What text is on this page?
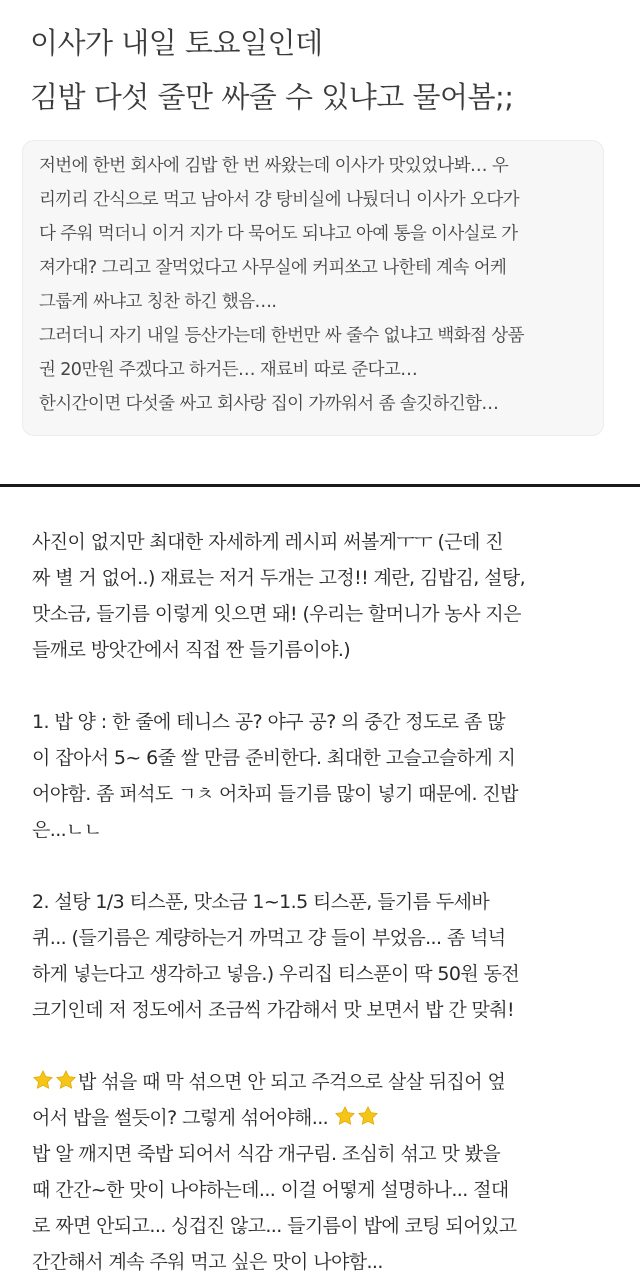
이사가 내일 토요일인데
김밥 다섯 줄만 싸줄 수 있냐고 물어봄;;
저번에 한번 회사에 김밥 한 번 싸왔는데 이사가 맛있었나봐… 우
리끼리 간식으로 먹고 남아서 걍 탕비실에 나뒀더니 이사가 오다가
다 주워 먹더니 이거 지가 다 묵어도 되냐고 아예 통을 이사실로 가
져가대? 그리고 잘먹었다고 사무실에 커피쏘고 나한테 계속 어케
그룹게 싸냐고 칭찬 하긴 했음….
그러더니 자기 내일 등산가는데 한번만 싸 줄수 없냐고 백화점 상품
권 20만원 주겠다고 하거든… 재료비 따로 준다고…
한시간이면 다섯줄 싸고 회사랑 집이 가까워서 좀 솔깃하긴함…
사진이 없지만 최대한 자세하게 레시피 써볼게ㅜㅜ (근데 진
짜 별 거 없어..) 재료는 저거 두개는 고정!! 계란, 김밥김, 설탕,
맛소금, 들기름 이렇게 잇으면 돼! (우리는 할머니가 농사 지은
들깨로 방앗간에서 직접 짠 들기름이야.)
1. 밥 양 : 한 줄에 테니스 공? 야구 공? 의 중간 정도로 좀 많
이 잡아서 5~ 6줄 쌀 만큼 준비한다. 최대한 고슬고슬하게 지
어야함. 좀 퍼석도 ㄱㅊ 어차피 들기름 많이 넣기 때문에. 진밥
은...ㄴㄴ
2. 설탕 1/3 티스푼, 맛소금 1~1.5 티스푼, 들기름 두세바
퀴... (들기름은 계량하는거 까먹고 걍 들이 부었음... 좀 넉넉
하게 넣는다고 생각하고 넣음.) 우리집 티스푼이 딱 50원 동전
크기인데 저 정도에서 조금씩 가감해서 맛 보면서 밥 간 맞춰!
밥 섞을 때 막 섞으면 안 되고 주걱으로 살살 뒤집어 엎
어서 밥을 썰듯이? 그렇게 섞어야해...
밥 알 깨지면 죽밥 되어서 식감 개구림. 조심히 섞고 맛 봤을
때 간간~한 맛이 나야하는데... 이걸 어떻게 설명하나... 절대
로 짜면 안되고... 싱겁진 않고... 들기름이 밥에 코팅 되어있고
간간해서 계속 주워 먹고 싶은 맛이 나야함...
